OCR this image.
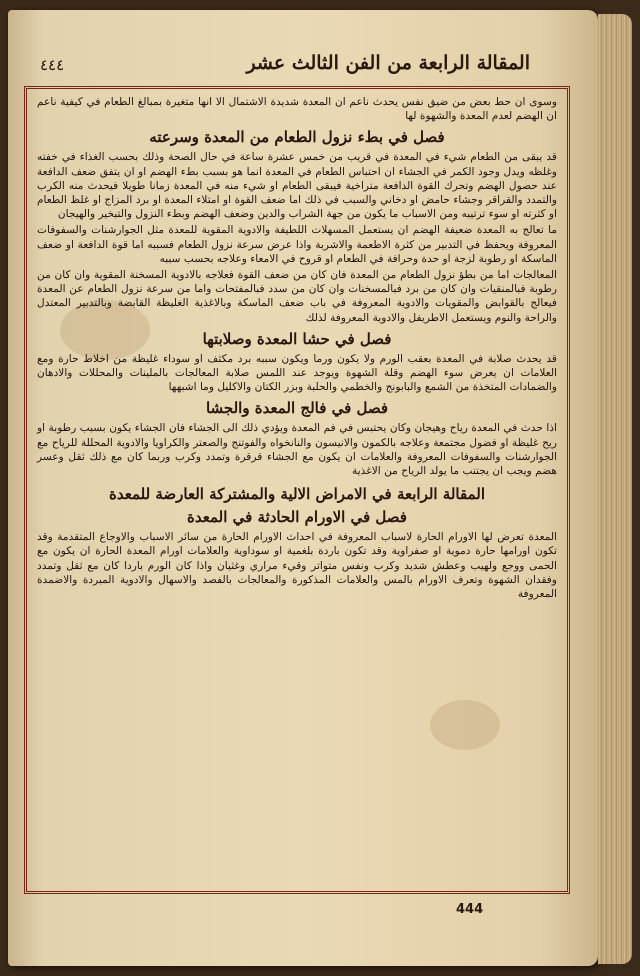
٤٤٤	المقالة الرابعة من الفن الثالث عشر

وسوى ان حط بعض من ضيق نفس يحدث ناعم ان المعدة شديدة الاشتمال الا انها متغيرة بمبالغ الطعام في كيفية ناعم ان الهضم لعدم المعدة والشهوة لها

فصل في بطء نزول الطعام من المعدة وسرعته

قد يبقى من الطعام شيء في المعدة في قريب من خمس عشرة ساعة في حال الصحة وذلك بحسب الغذاء في خفته وغلظه ويدل وجود الكمر في الجشاء ان احتباس الطعام في المعدة انما هو بسبب بطء الهضم او ان يتفق ضعف الدافعة عند حصول الهضم وتحرك القوة الدافعة متراخية فيبقى الطعام او شيء منه في المعدة زمانا طويلا فيحدث منه الكرب والتمدد والقراقر وجشاء حامض او دخاني والسبب في ذلك اما ضعف القوة او امتلاء المعدة او برد المزاج او غلظ الطعام او كثرته او سوء ترتيبه ومن الاسباب ما يكون من جهة الشراب والدين وضعف الهضم وبطء النزول والتبخير والهيجان

ما تعالج به المعدة ضعيفة الهضم ان يستعمل المسهلات اللطيفة والادوية المقوية للمعدة مثل الجوارشنات والسفوفات المعروفة ويحفظ في التدبير من كثرة الاطعمة والاشربة واذا عرض سرعة نزول الطعام فسببه اما قوة الدافعة او ضعف الماسكة او رطوبة لزجة او حدة وحرافة في الطعام او قروح في الامعاء وعلاجه بحسب سببه

المعالجات اما من بطؤ نزول الطعام من المعدة فان كان من ضعف القوة فعلاجه بالادوية المسخنة المقوية وان كان من رطوبة فبالمنقيات وان كان من برد فبالمسخنات وان كان من سدد فبالمفتحات واما من سرعة نزول الطعام عن المعدة فيعالج بالقوابض والمقويات والادوية المعروفة في باب ضعف الماسكة وبالاغذية الغليظة القابضة وبالتدبير المعتدل والراحة والنوم ويستعمل الاطريفل والادوية المعروفة لذلك

فصل في حشا المعدة وصلابتها

قد يحدث صلابة في المعدة بعقب الورم ولا يكون ورما ويكون سببه برد مكثف او سوداء غليظة من اخلاط حارة ومع العلامات ان يعرض سوء الهضم وقلة الشهوة ويوجد عند اللمس صلابة المعالجات بالملينات والمحللات والادهان والضمادات المتخذة من الشمع والبابونج والخطمي والحلبة وبزر الكتان والاكليل وما اشبهها

فصل في فالج المعدة والجشا

اذا حدث في المعدة رياح وهيجان وكان يحتبس في فم المعدة ويؤدي ذلك الى الجشاء فان الجشاء يكون بسبب رطوبة او ريح غليظة او فضول مجتمعة وعلاجه بالكمون والانيسون والنانخواه والفوتنج والصعتر والكراويا والادوية المحللة للرياح مع الجوارشنات والسفوفات المعروفة والعلامات ان يكون مع الجشاء قرقرة وتمدد وكرب وربما كان مع ذلك ثقل وعسر هضم ويجب ان يجتنب ما يولد الرياح من الاغذية

المقالة الرابعة في الامراض الالية والمشتركة العارضة للمعدة
فصل في الاورام الحادثة في المعدة

المعدة تعرض لها الاورام الحارة لاسباب المعروفة في احداث الاورام الحارة من سائر الاسباب والاوجاع المتقدمة وقد تكون اورامها حارة دموية او صفراوية وقد تكون باردة بلغمية او سوداوية والعلامات اورام المعدة الحارة ان يكون مع الحمى ووجع ولهيب وعطش شديد وكرب ونفس متواتر وقيء مراري وغثيان واذا كان الورم باردا كان مع ثقل وتمدد وفقدان الشهوة وتعرف الاورام بالمس والعلامات المذكورة والمعالجات بالفصد والاسهال والادوية المبردة والاضمدة المعروفة

444
